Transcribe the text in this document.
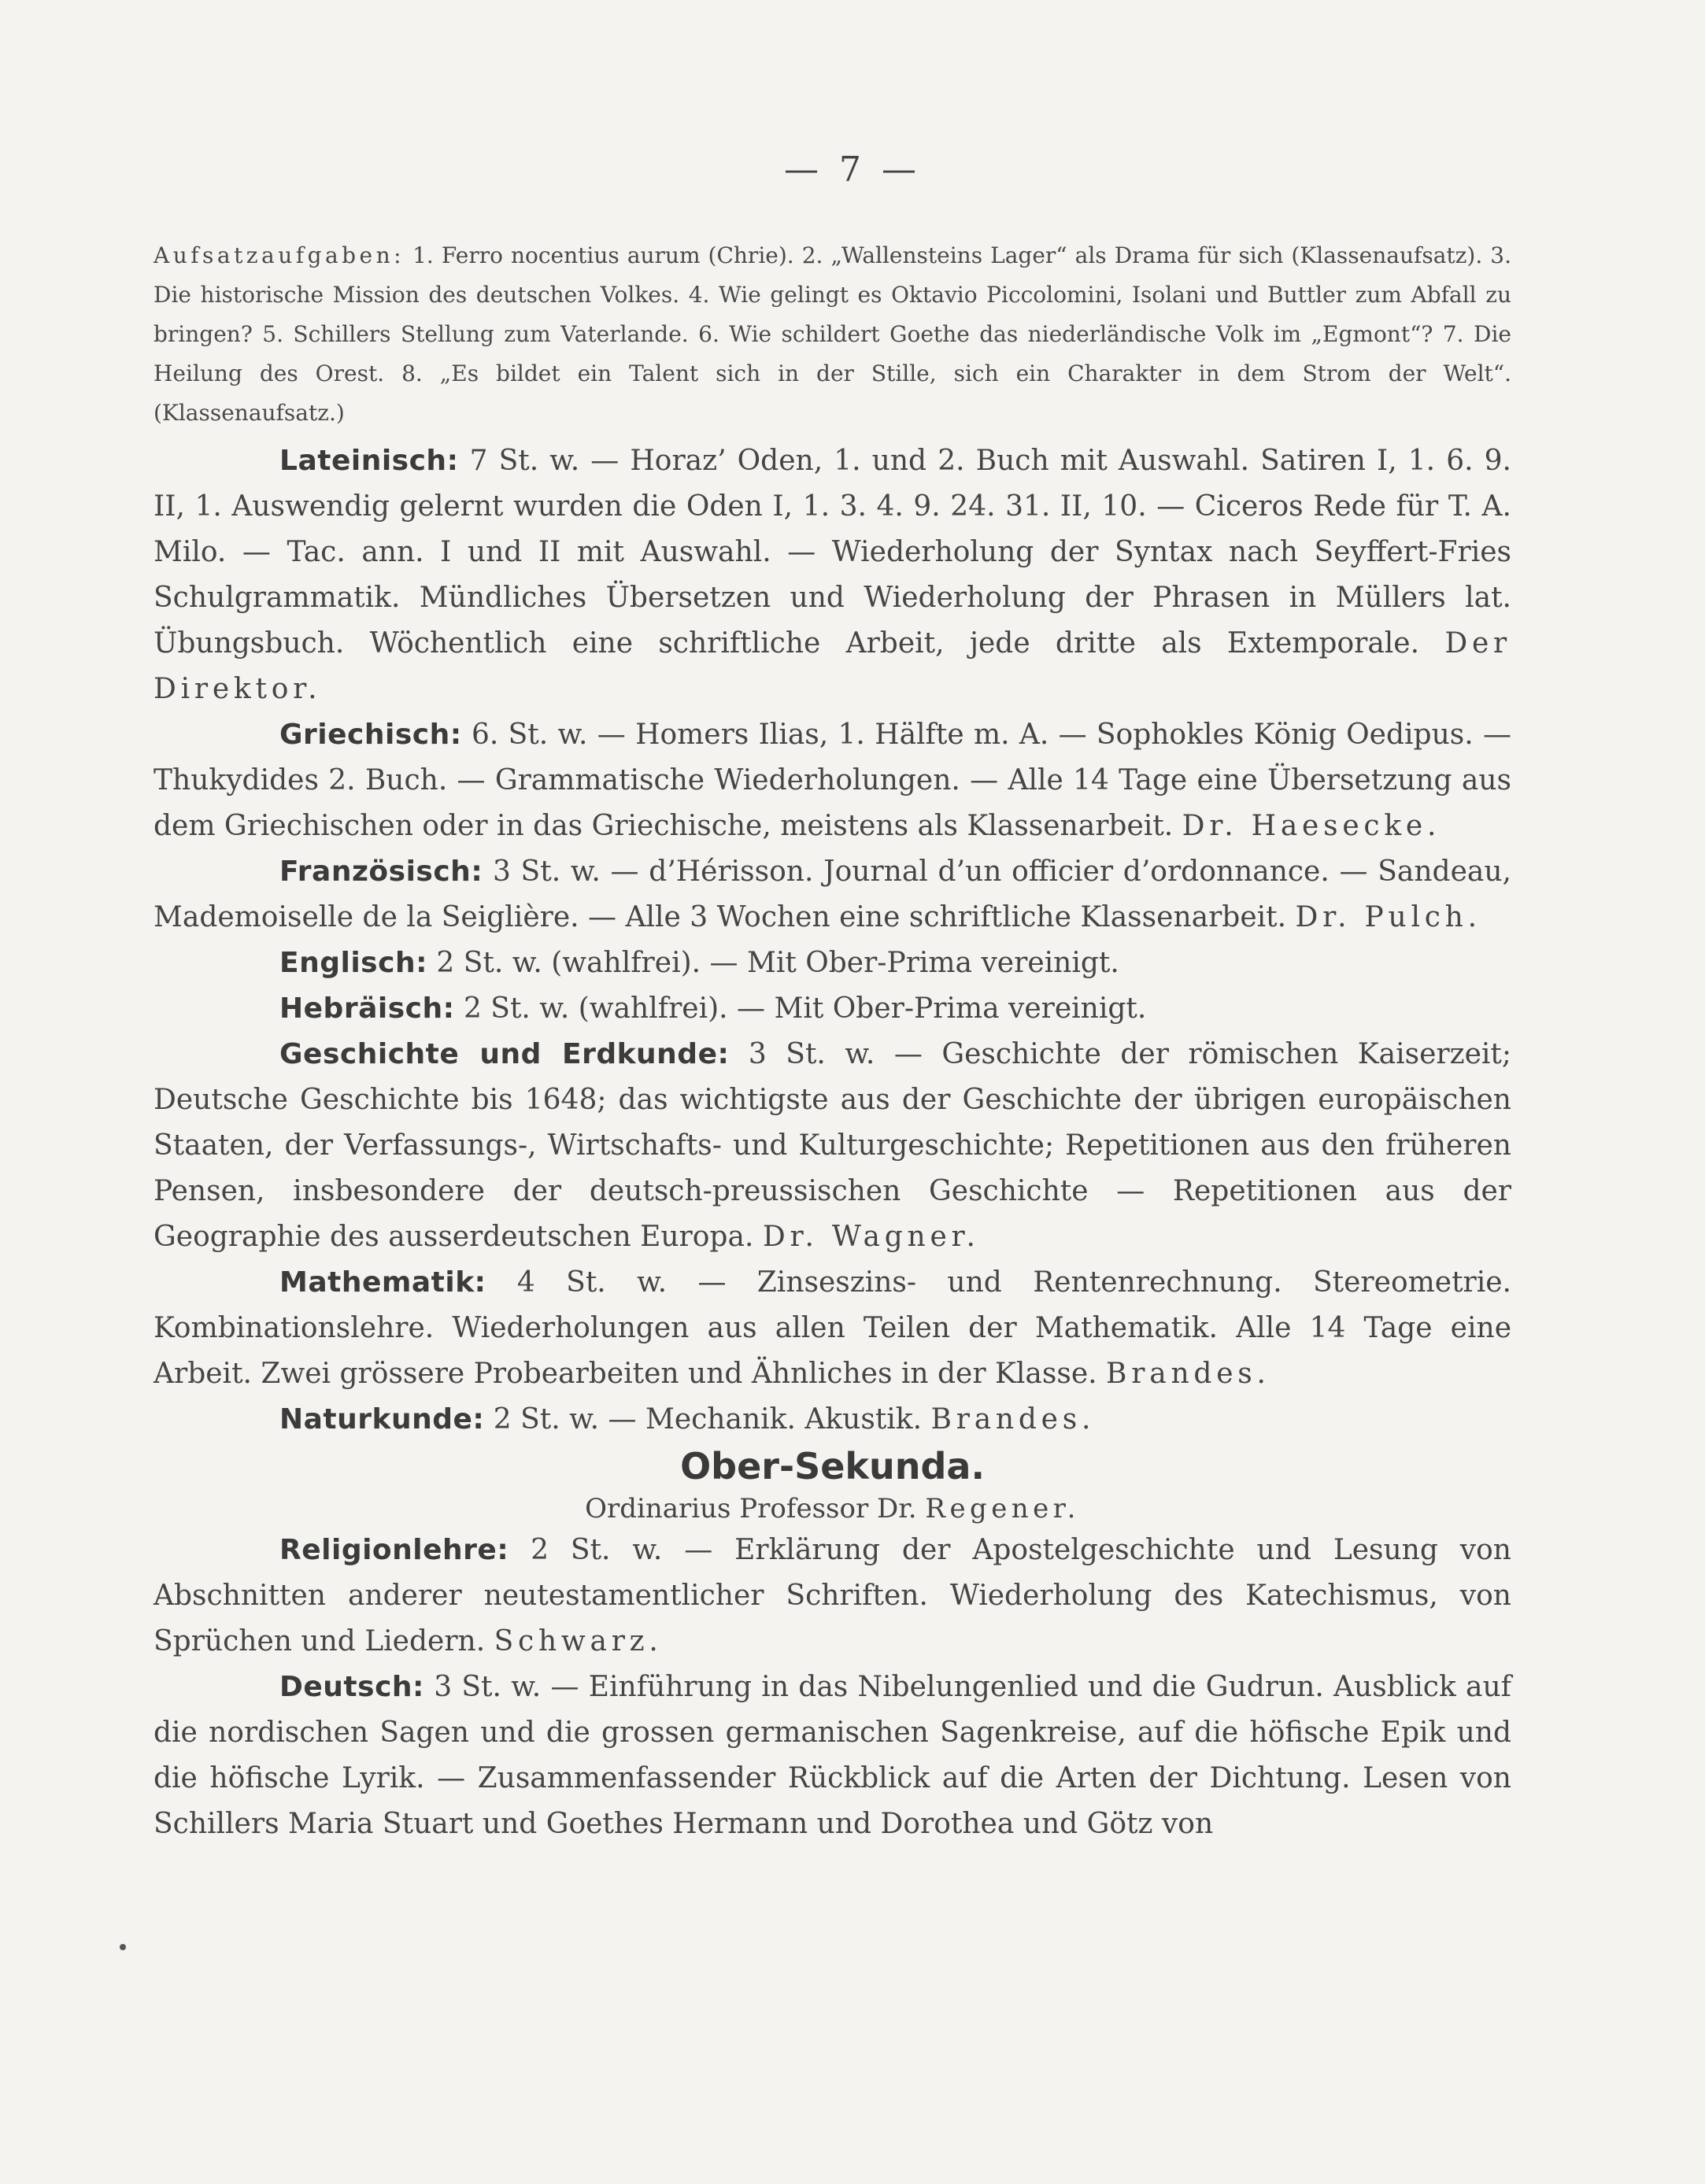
— 7 —
Aufsatzaufgaben: 1. Ferro nocentius aurum (Chrie). 2. „Wallensteins Lager“ als Drama für sich (Klassenaufsatz). 3. Die historische Mission des deutschen Volkes. 4. Wie gelingt es Oktavio Piccolomini, Isolani und Buttler zum Abfall zu bringen? 5. Schillers Stellung zum Vaterlande. 6. Wie schildert Goethe das niederländische Volk im „Egmont“? 7. Die Heilung des Orest. 8. „Es bildet ein Talent sich in der Stille, sich ein Charakter in dem Strom der Welt“. (Klassenaufsatz.)

Lateinisch: 7 St. w. — Horaz’ Oden, 1. und 2. Buch mit Auswahl. Satiren I, 1. 6. 9. II, 1. Auswendig gelernt wurden die Oden I, 1. 3. 4. 9. 24. 31. II, 10. — Ciceros Rede für T. A. Milo. — Tac. ann. I und II mit Auswahl. — Wiederholung der Syntax nach Seyffert-Fries Schulgrammatik. Mündliches Übersetzen und Wiederholung der Phrasen in Müllers lat. Übungsbuch. Wöchentlich eine schriftliche Arbeit, jede dritte als Extemporale. Der Direktor.

Griechisch: 6. St. w. — Homers Ilias, 1. Hälfte m. A. — Sophokles König Oedipus. — Thukydides 2. Buch. — Grammatische Wiederholungen. — Alle 14 Tage eine Übersetzung aus dem Griechischen oder in das Griechische, meistens als Klassenarbeit. Dr. Haesecke.

Französisch: 3 St. w. — d’Hérisson. Journal d’un officier d’ordonnance. — Sandeau, Mademoiselle de la Seiglière. — Alle 3 Wochen eine schriftliche Klassenarbeit. Dr. Pulch.

Englisch: 2 St. w. (wahlfrei). — Mit Ober-Prima vereinigt.

Hebräisch: 2 St. w. (wahlfrei). — Mit Ober-Prima vereinigt.

Geschichte und Erdkunde: 3 St. w. — Geschichte der römischen Kaiserzeit; Deutsche Geschichte bis 1648; das wichtigste aus der Geschichte der übrigen europäischen Staaten, der Verfassungs-, Wirtschafts- und Kulturgeschichte; Repetitionen aus den früheren Pensen, insbesondere der deutsch-preussischen Geschichte — Repetitionen aus der Geographie des ausserdeutschen Europa. Dr. Wagner.

Mathematik: 4 St. w. — Zinseszins- und Rentenrechnung. Stereometrie. Kombinationslehre. Wiederholungen aus allen Teilen der Mathematik. Alle 14 Tage eine Arbeit. Zwei grössere Probearbeiten und Ähnliches in der Klasse. Brandes.

Naturkunde: 2 St. w. — Mechanik. Akustik. Brandes.

Ober-Sekunda.

Ordinarius Professor Dr. Regener.

Religionlehre: 2 St. w. — Erklärung der Apostelgeschichte und Lesung von Abschnitten anderer neutestamentlicher Schriften. Wiederholung des Katechismus, von Sprüchen und Liedern. Schwarz.

Deutsch: 3 St. w. — Einführung in das Nibelungenlied und die Gudrun. Ausblick auf die nordischen Sagen und die grossen germanischen Sagenkreise, auf die höfische Epik und die höfische Lyrik. — Zusammenfassender Rückblick auf die Arten der Dichtung. Lesen von Schillers Maria Stuart und Goethes Hermann und Dorothea und Götz von
